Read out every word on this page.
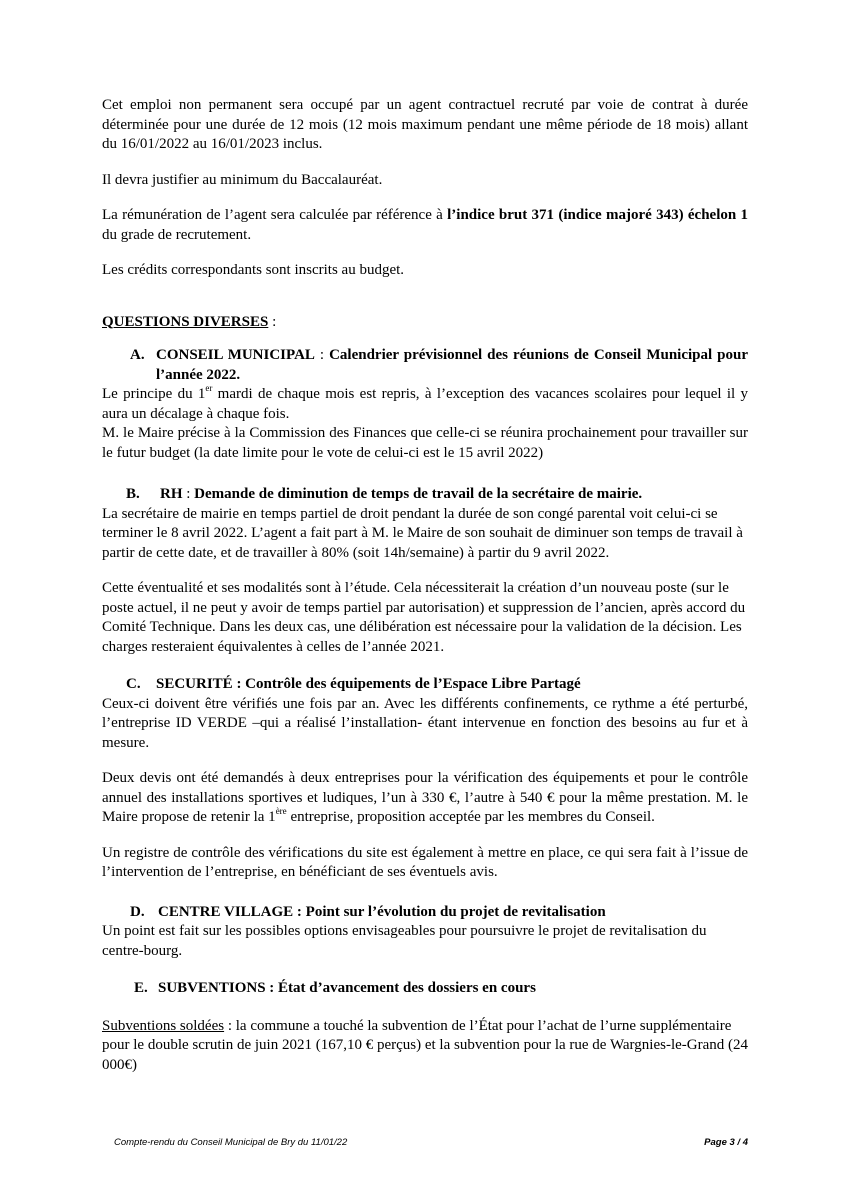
Cet emploi non permanent sera occupé par un agent contractuel recruté par voie de contrat à durée déterminée pour une durée de 12 mois (12 mois maximum pendant une même période de 18 mois) allant du 16/01/2022 au 16/01/2023 inclus.

Il devra justifier au minimum du Baccalauréat.

La rémunération de l’agent sera calculée par référence à l’indice brut 371 (indice majoré 343) échelon 1 du grade de recrutement.

Les crédits correspondants sont inscrits au budget.

QUESTIONS DIVERSES :

A. CONSEIL MUNICIPAL : Calendrier prévisionnel des réunions de Conseil Municipal pour l’année 2022.

Le principe du 1er mardi de chaque mois est repris, à l’exception des vacances scolaires pour lequel il y aura un décalage à chaque fois.

M. le Maire précise à la Commission des Finances que celle-ci se réunira prochainement pour travailler sur le futur budget (la date limite pour le vote de celui-ci est le 15 avril 2022)

B.	RH : Demande de diminution de temps de travail de la secrétaire de mairie.

La secrétaire de mairie en temps partiel de droit pendant la durée de son congé parental voit celui-ci se terminer le 8 avril 2022. L’agent a fait part à M. le Maire de son souhait de diminuer son temps de travail à partir de cette date, et de travailler à 80% (soit 14h/semaine) à partir du 9 avril 2022.

Cette éventualité et ses modalités sont à l’étude. Cela nécessiterait la création d’un nouveau poste (sur le poste actuel, il ne peut y avoir de temps partiel par autorisation) et suppression de l’ancien, après accord du Comité Technique. Dans les deux cas, une délibération est nécessaire pour la validation de la décision. Les charges resteraient équivalentes à celles de l’année 2021.

C.	SECURITÉ : Contrôle des équipements de l’Espace Libre Partagé

Ceux-ci doivent être vérifiés une fois par an. Avec les différents confinements, ce rythme a été perturbé, l’entreprise ID VERDE –qui a réalisé l’installation- étant intervenue en fonction des besoins au fur et à mesure.

Deux devis ont été demandés à deux entreprises pour la vérification des équipements et pour le contrôle annuel des installations sportives et ludiques, l’un à 330 €, l’autre à 540 € pour la même prestation. M. le Maire propose de retenir la 1ère entreprise, proposition acceptée par les membres du Conseil.

Un registre de contrôle des vérifications du site est également à mettre en place, ce qui sera fait à l’issue de l’intervention de l’entreprise, en bénéficiant de ses éventuels avis.

D. CENTRE VILLAGE : Point sur l’évolution du projet de revitalisation

Un point est fait sur les possibles options envisageables pour poursuivre le projet de revitalisation du centre-bourg.

E. SUBVENTIONS : État d’avancement des dossiers en cours

Subventions soldées : la commune a touché la subvention de l’État pour l’achat de l’urne supplémentaire pour le double scrutin de juin 2021 (167,10 € perçus) et la subvention pour la rue de Wargnies-le-Grand (24 000€)

Compte-rendu du Conseil Municipal de Bry du 11/01/22	Page 3 / 4
